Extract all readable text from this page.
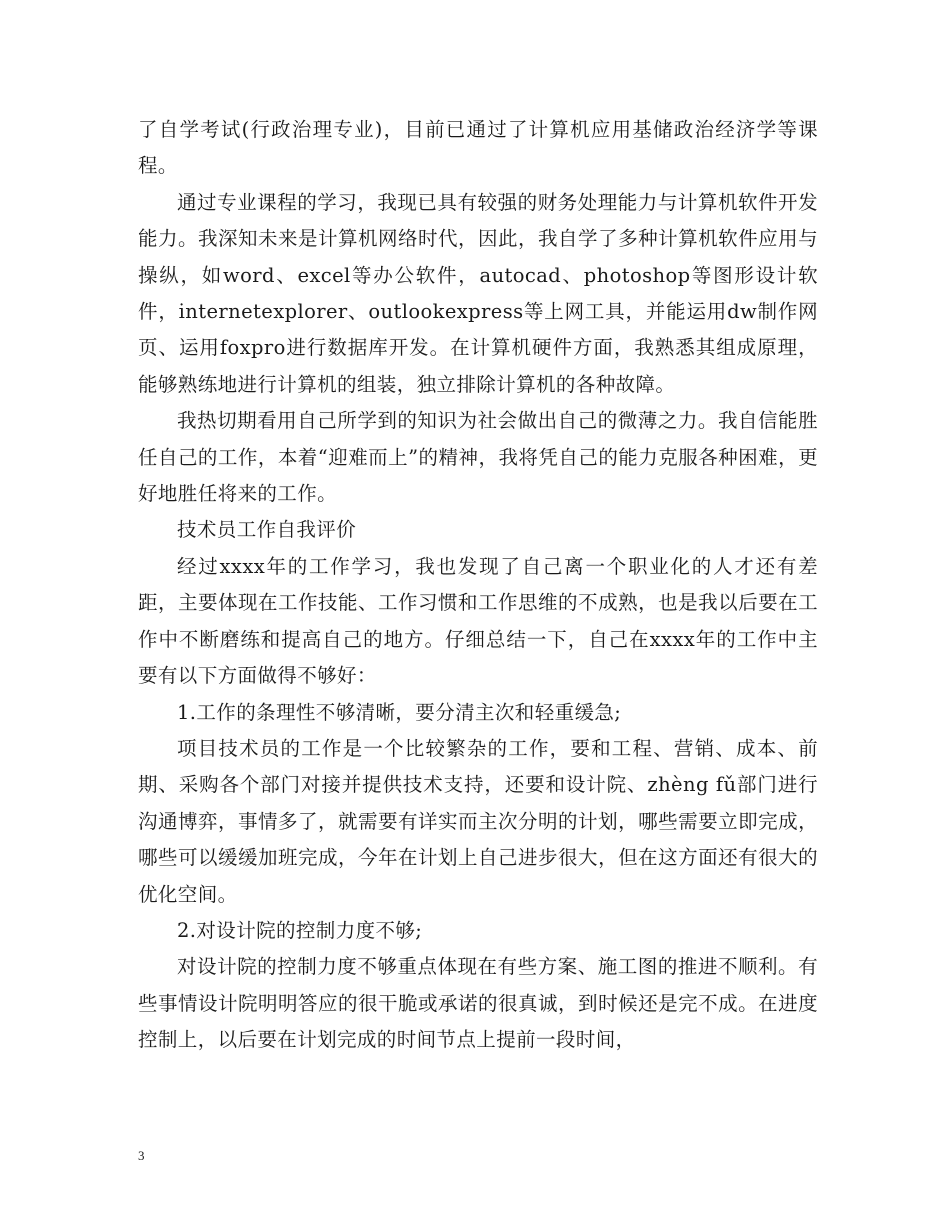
了自学考试(行政治理专业)，目前已通过了计算机应用基储政治经济学等课程。

通过专业课程的学习，我现已具有较强的财务处理能力与计算机软件开发能力。我深知未来是计算机网络时代，因此，我自学了多种计算机软件应用与操纵，如word、excel等办公软件，autocad、photoshop等图形设计软件，internetexplorer、outlookexpress等上网工具，并能运用dw制作网页、运用foxpro进行数据库开发。在计算机硬件方面，我熟悉其组成原理，能够熟练地进行计算机的组装，独立排除计算机的各种故障。

我热切期看用自己所学到的知识为社会做出自己的微薄之力。我自信能胜任自己的工作，本着“迎难而上”的精神，我将凭自己的能力克服各种困难，更好地胜任将来的工作。

技术员工作自我评价

经过xxxx年的工作学习，我也发现了自己离一个职业化的人才还有差距，主要体现在工作技能、工作习惯和工作思维的不成熟，也是我以后要在工作中不断磨练和提高自己的地方。仔细总结一下，自己在xxxx年的工作中主要有以下方面做得不够好：

1.工作的条理性不够清晰，要分清主次和轻重缓急;

项目技术员的工作是一个比较繁杂的工作，要和工程、营销、成本、前期、采购各个部门对接并提供技术支持，还要和设计院、zhèng fǔ部门进行沟通博弈，事情多了，就需要有详实而主次分明的计划，哪些需要立即完成，哪些可以缓缓加班完成，今年在计划上自己进步很大，但在这方面还有很大的优化空间。

2.对设计院的控制力度不够;

对设计院的控制力度不够重点体现在有些方案、施工图的推进不顺利。有些事情设计院明明答应的很干脆或承诺的很真诚，到时候还是完不成。在进度控制上，以后要在计划完成的时间节点上提前一段时间，

3
